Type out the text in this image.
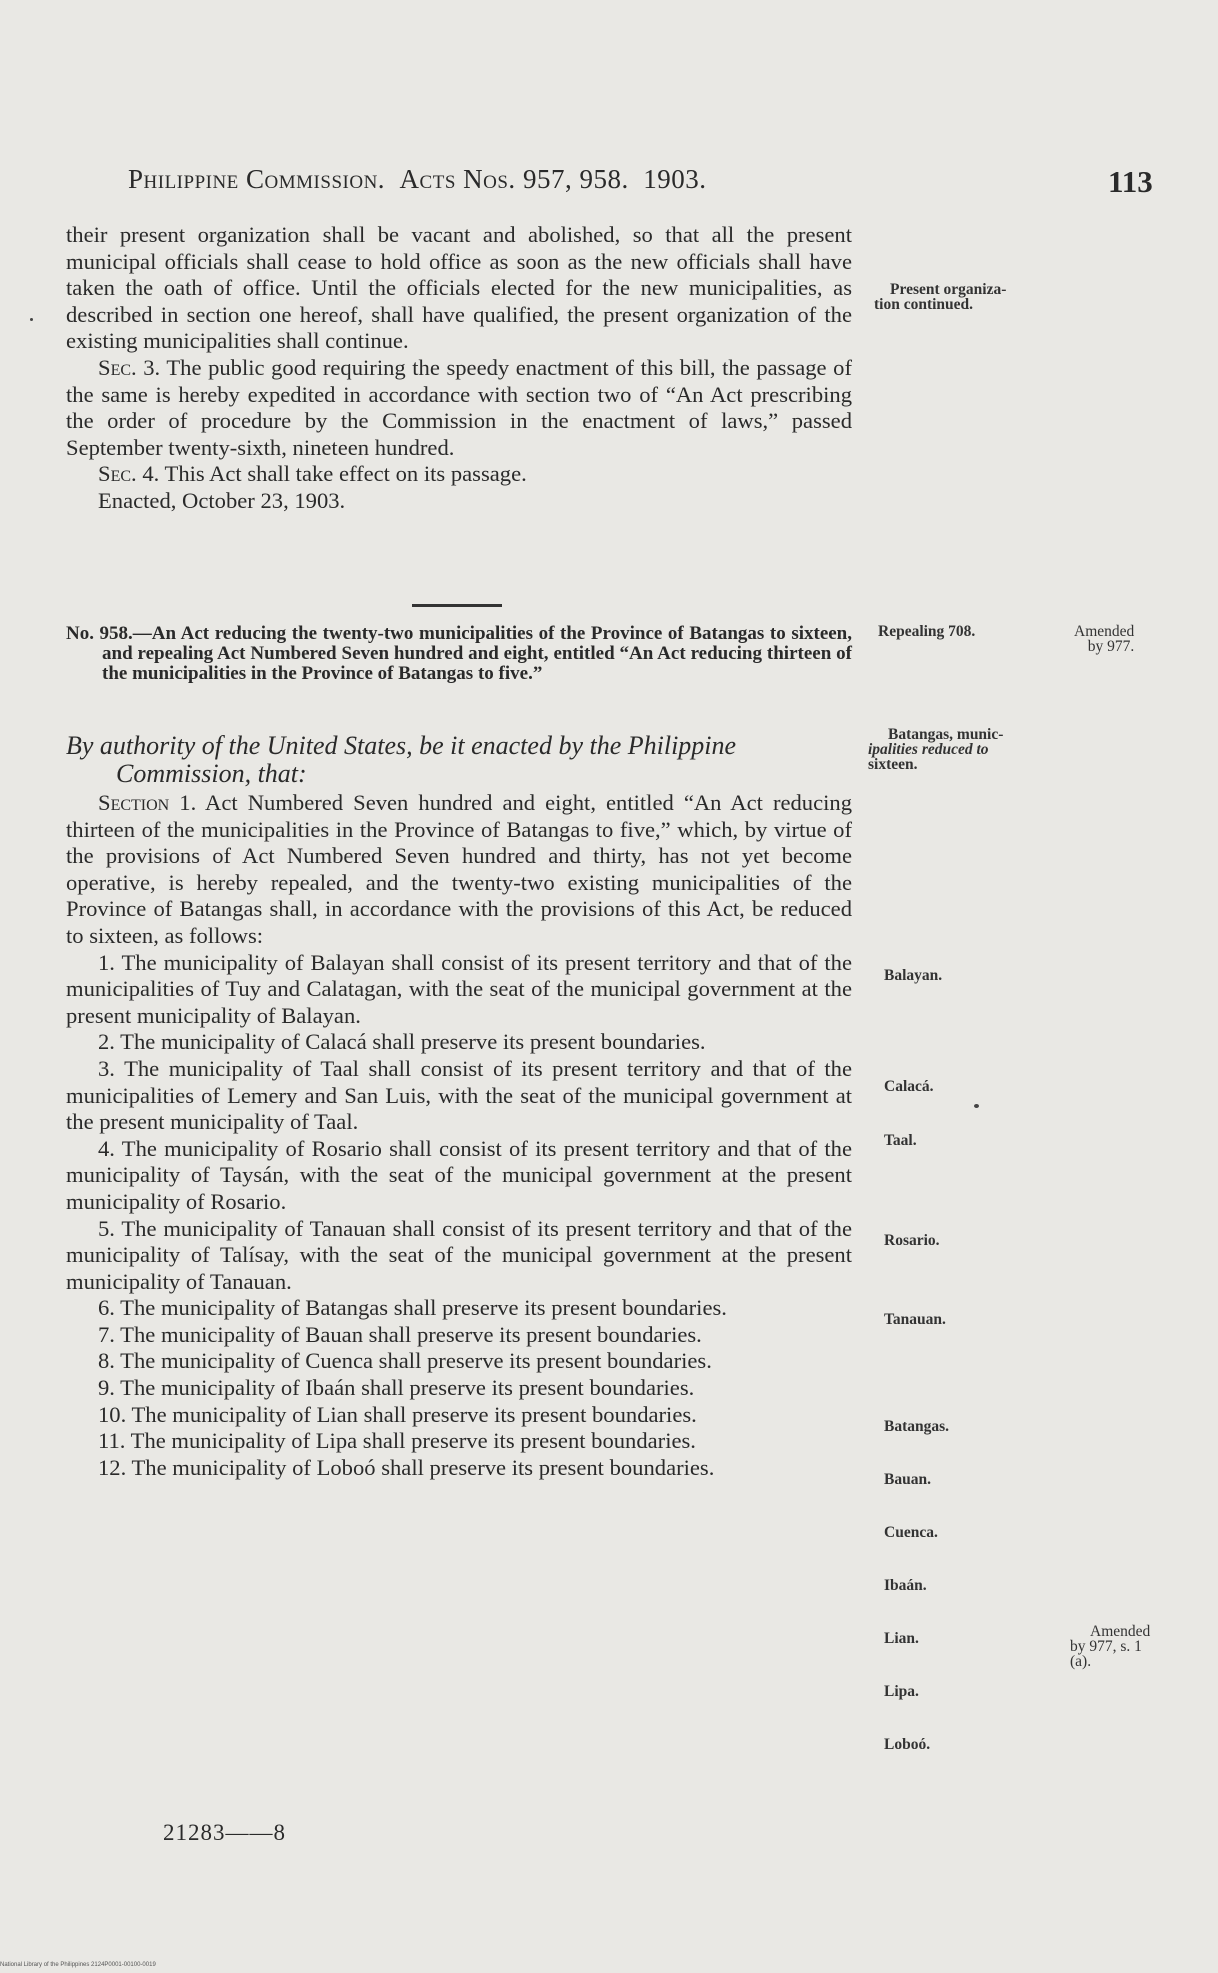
Philippine Commission. Acts Nos. 957, 958. 1903.	113

their present organization shall be vacant and abolished, so that all the present municipal officials shall cease to hold office as soon as the new officials shall have taken the oath of office. Until the officials elected for the new municipalities, as described in section one hereof, shall have qualified, the present organization of the existing municipalities shall continue.

Sec. 3. The public good requiring the speedy enactment of this bill, the passage of the same is hereby expedited in accordance with section two of “An Act prescribing the order of procedure by the Commission in the enactment of laws,” passed September twenty-sixth, nineteen hundred.

Sec. 4. This Act shall take effect on its passage.

Enacted, October 23, 1903.

No. 958.—An Act reducing the twenty-two municipalities of the Province of Batangas to sixteen, and repealing Act Numbered Seven hundred and eight, entitled “An Act reducing thirteen of the municipalities in the Province of Batangas to five.”
By authority of the United States, be it enacted by the Philippine
Commission, that:

Section 1. Act Numbered Seven hundred and eight, entitled “An Act reducing thirteen of the municipalities in the Province of Batangas to five,” which, by virtue of the provisions of Act Numbered Seven hundred and thirty, has not yet become operative, is hereby repealed, and the twenty-two existing municipalities of the Province of Batangas shall, in accordance with the provisions of this Act, be reduced to sixteen, as follows:

1. The municipality of Balayan shall consist of its present territory and that of the municipalities of Tuy and Calatagan, with the seat of the municipal government at the present municipality of Balayan.

2. The municipality of Calacá shall preserve its present boundaries.

3. The municipality of Taal shall consist of its present territory and that of the municipalities of Lemery and San Luis, with the seat of the municipal government at the present municipality of Taal.

4. The municipality of Rosario shall consist of its present territory and that of the municipality of Taysán, with the seat of the municipal government at the present municipality of Rosario.

5. The municipality of Tanauan shall consist of its present territory and that of the municipality of Talísay, with the seat of the municipal government at the present municipality of Tanauan.

6. The municipality of Batangas shall preserve its present boundaries.

7. The municipality of Bauan shall preserve its present boundaries.

8. The municipality of Cuenca shall preserve its present boundaries.

9. The municipality of Ibaán shall preserve its present boundaries.

10. The municipality of Lian shall preserve its present boundaries.

11. The municipality of Lipa shall preserve its present boundaries.

12. The municipality of Loboó shall preserve its present boundaries.

Present organiza-
tion continued.
Repealing 708.
Batangas, munic-
ipalities reduced to
sixteen.
Balayan.
Calacá.
Taal.
Rosario.
Tanauan.
Batangas.
Bauan.
Cuenca.
Ibaán.
Lian.
Lipa.
Loboó.
Amended
by 977.
Amended
by 977, s. 1
(a).
21283——8
National Library of the Philippines 2124P0001-00100-0019
